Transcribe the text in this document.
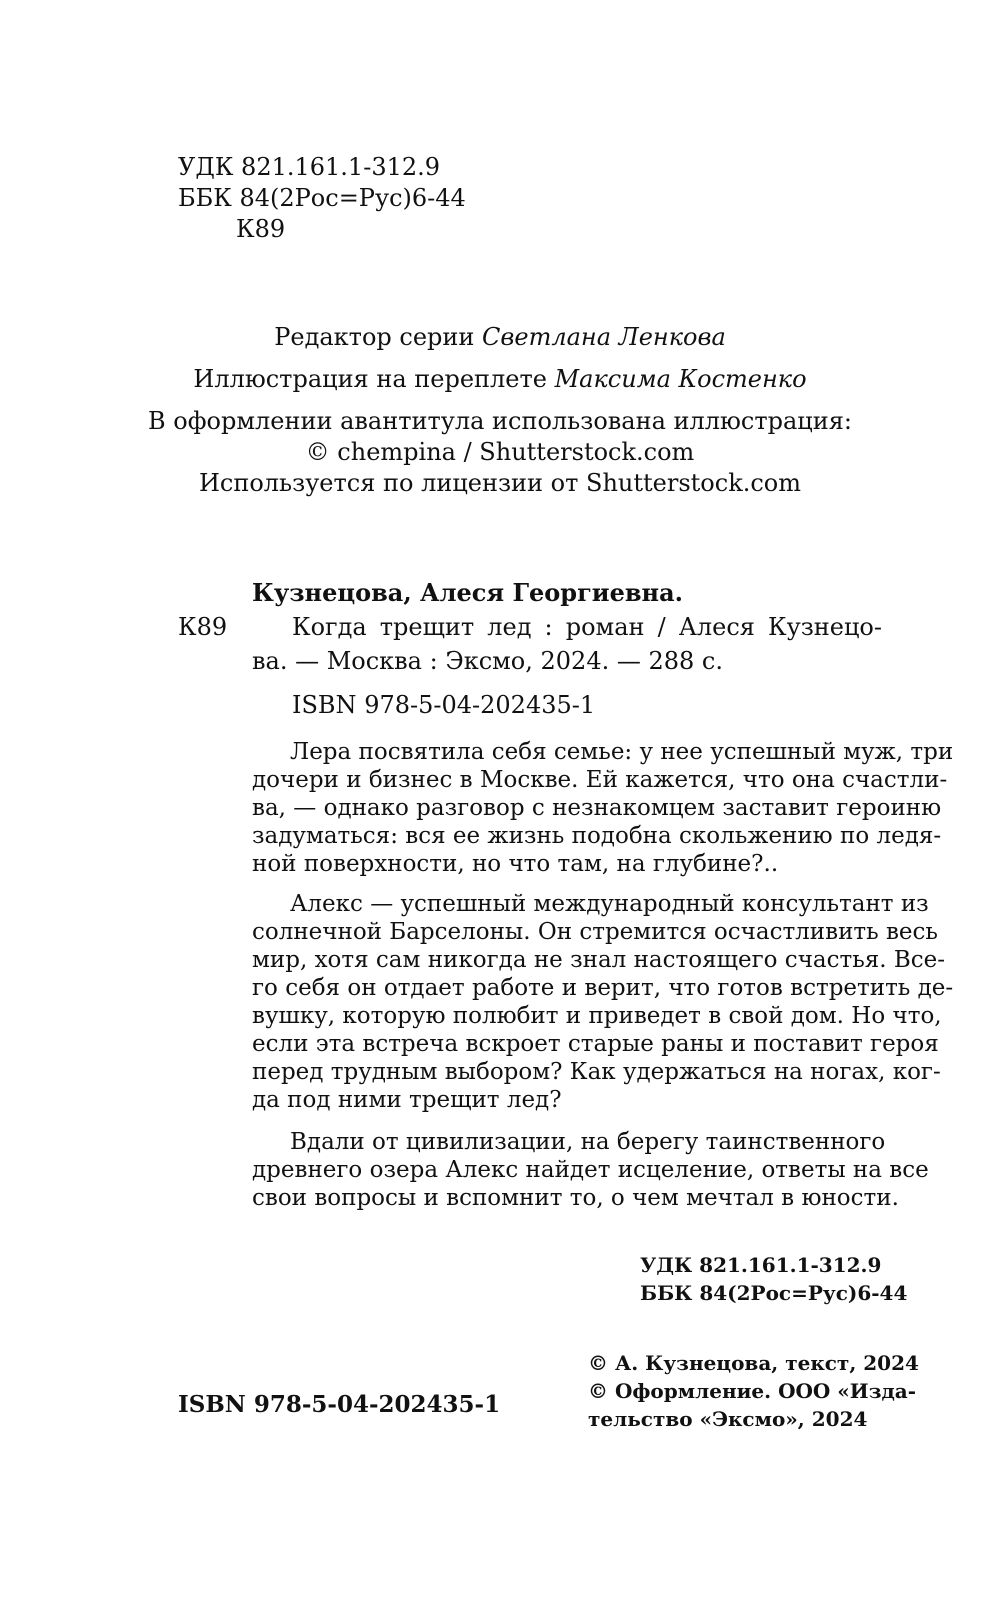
УДК 821.161.1-312.9
ББК 84(2Рос=Рус)6-44
К89
Редактор серии Светлана Ленкова
Иллюстрация на переплете Максима Костенко
В оформлении авантитула использована иллюстрация:
© chempina / Shutterstock.com
Используется по лицензии от Shutterstock.com
Кузнецова, Алеся Георгиевна.
К89	Когда трещит лед : роман / Алеся Кузнецо-
ва. — Москва : Эксмо, 2024. — 288 с.
ISBN 978-5-04-202435-1
Лера посвятила себя семье: у нее успешный муж, три
дочери и бизнес в Москве. Ей кажется, что она счастли-
ва, — однако разговор с незнакомцем заставит героиню
задуматься: вся ее жизнь подобна скольжению по ледя-
ной поверхности, но что там, на глубине?..
Алекс — успешный международный консультант из
солнечной Барселоны. Он стремится осчастливить весь
мир, хотя сам никогда не знал настоящего счастья. Все-
го себя он отдает работе и верит, что готов встретить де-
вушку, которую полюбит и приведет в свой дом. Но что,
если эта встреча вскроет старые раны и поставит героя
перед трудным выбором? Как удержаться на ногах, ког-
да под ними трещит лед?
Вдали от цивилизации, на берегу таинственного
древнего озера Алекс найдет исцеление, ответы на все
свои вопросы и вспомнит то, о чем мечтал в юности.
УДК 821.161.1-312.9
ББК 84(2Рос=Рус)6-44
© А. Кузнецова, текст, 2024
© Оформление. ООО «Изда-
тельство «Эксмо», 2024
ISBN 978-5-04-202435-1
